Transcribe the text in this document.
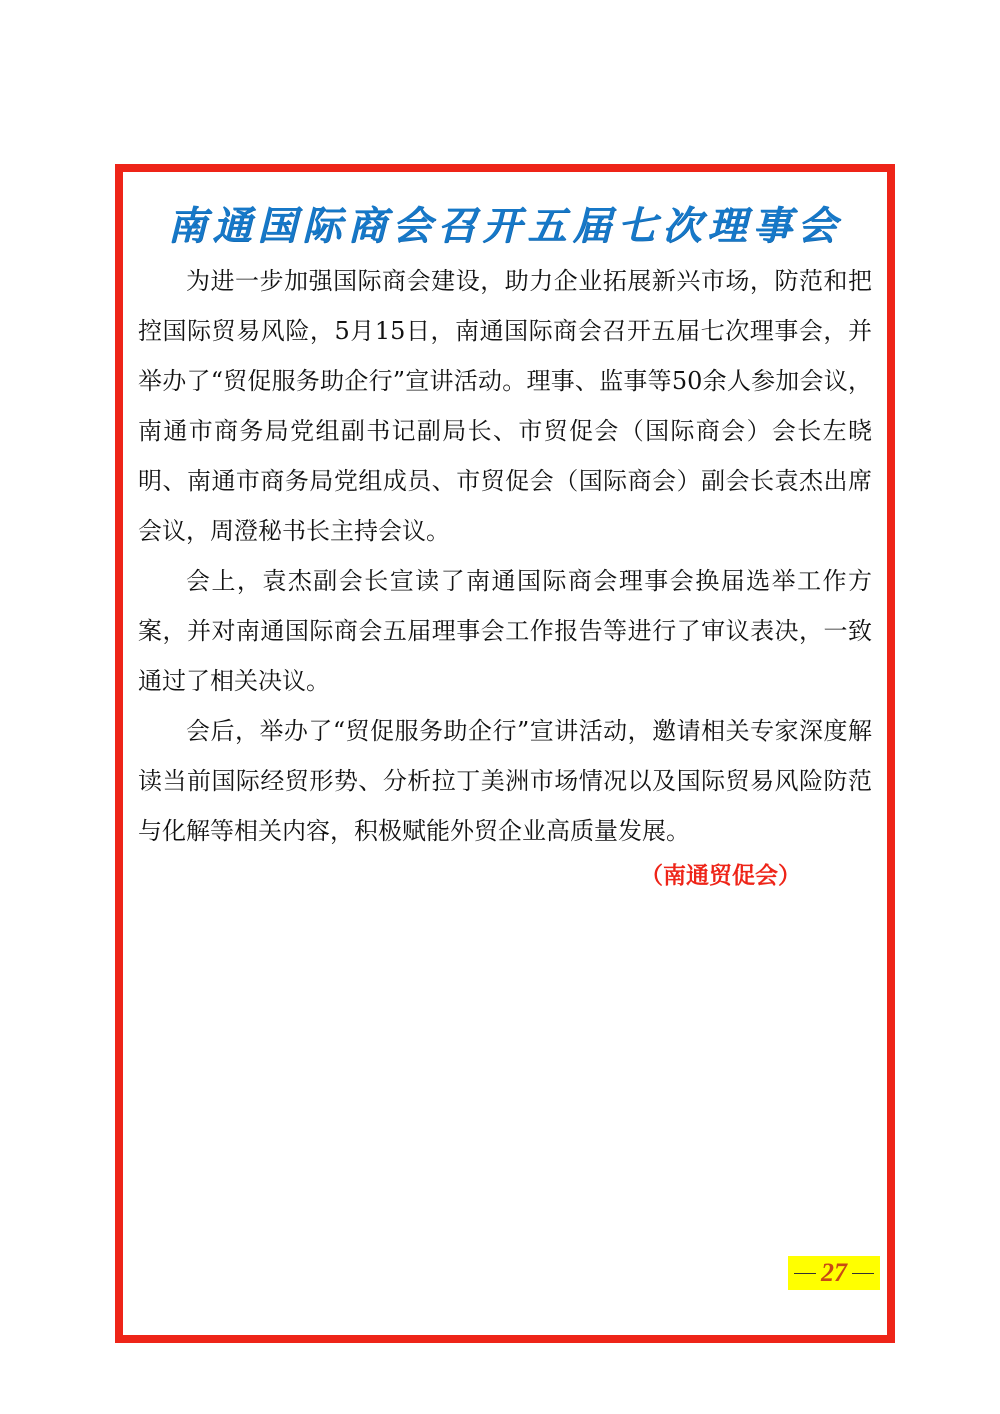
南通国际商会召开五届七次理事会

为进一步加强国际商会建设，助力企业拓展新兴市场，防范和把控国际贸易风险，5月15日，南通国际商会召开五届七次理事会，并举办了“贸促服务助企行”宣讲活动。理事、监事等50余人参加会议，南通市商务局党组副书记副局长、市贸促会（国际商会）会长左晓明、南通市商务局党组成员、市贸促会（国际商会）副会长袁杰出席会议，周澄秘书长主持会议。

会上，袁杰副会长宣读了南通国际商会理事会换届选举工作方案，并对南通国际商会五届理事会工作报告等进行了审议表决，一致通过了相关决议。

会后，举办了“贸促服务助企行”宣讲活动，邀请相关专家深度解读当前国际经贸形势、分析拉丁美洲市场情况以及国际贸易风险防范与化解等相关内容，积极赋能外贸企业高质量发展。

（南通贸促会）
27
